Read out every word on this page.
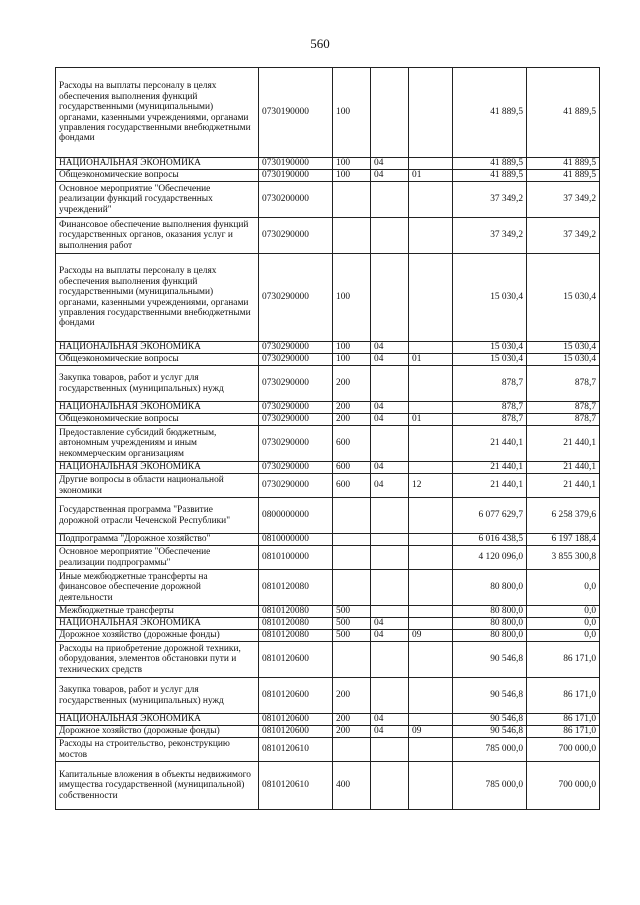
560
Расходы на выплаты персоналу в целях обеспечения выполнения функций государственными (муниципальными) органами, казенными учреждениями, органами управления государственными внебюджетными фондами	0730190000	100			41 889,5	41 889,5
НАЦИОНАЛЬНАЯ ЭКОНОМИКА	0730190000	100	04		41 889,5	41 889,5
Общеэкономические вопросы	0730190000	100	04	01	41 889,5	41 889,5
Основное мероприятие "Обеспечение реализации функций государственных учреждений"	0730200000				37 349,2	37 349,2
Финансовое обеспечение выполнения функций государственных органов, оказания услуг и выполнения работ	0730290000				37 349,2	37 349,2
Расходы на выплаты персоналу в целях обеспечения выполнения функций государственными (муниципальными) органами, казенными учреждениями, органами управления государственными внебюджетными фондами	0730290000	100			15 030,4	15 030,4
НАЦИОНАЛЬНАЯ ЭКОНОМИКА	0730290000	100	04		15 030,4	15 030,4
Общеэкономические вопросы	0730290000	100	04	01	15 030,4	15 030,4
Закупка товаров, работ и услуг для государственных (муниципальных) нужд	0730290000	200			878,7	878,7
НАЦИОНАЛЬНАЯ ЭКОНОМИКА	0730290000	200	04		878,7	878,7
Общеэкономические вопросы	0730290000	200	04	01	878,7	878,7
Предоставление субсидий бюджетным, автономным учреждениям и иным некоммерческим организациям	0730290000	600			21 440,1	21 440,1
НАЦИОНАЛЬНАЯ ЭКОНОМИКА	0730290000	600	04		21 440,1	21 440,1
Другие вопросы в области национальной экономики	0730290000	600	04	12	21 440,1	21 440,1
Государственная программа "Развитие дорожной отрасли Чеченской Республики"	0800000000				6 077 629,7	6 258 379,6
Подпрограмма "Дорожное хозяйство"	0810000000				6 016 438,5	6 197 188,4
Основное мероприятие "Обеспечение реализации подпрограммы"	0810100000				4 120 096,0	3 855 300,8
Иные межбюджетные трансферты на финансовое обеспечение дорожной деятельности	0810120080				80 800,0	0,0
Межбюджетные трансферты	0810120080	500			80 800,0	0,0
НАЦИОНАЛЬНАЯ ЭКОНОМИКА	0810120080	500	04		80 800,0	0,0
Дорожное хозяйство (дорожные фонды)	0810120080	500	04	09	80 800,0	0,0
Расходы на приобретение дорожной техники, оборудования, элементов обстановки пути и технических средств	0810120600				90 546,8	86 171,0
Закупка товаров, работ и услуг для государственных (муниципальных) нужд	0810120600	200			90 546,8	86 171,0
НАЦИОНАЛЬНАЯ ЭКОНОМИКА	0810120600	200	04		90 546,8	86 171,0
Дорожное хозяйство (дорожные фонды)	0810120600	200	04	09	90 546,8	86 171,0
Расходы на строительство, реконструкцию мостов	0810120610				785 000,0	700 000,0
Капитальные вложения в объекты недвижимого имущества государственной (муниципальной) собственности	0810120610	400			785 000,0	700 000,0
